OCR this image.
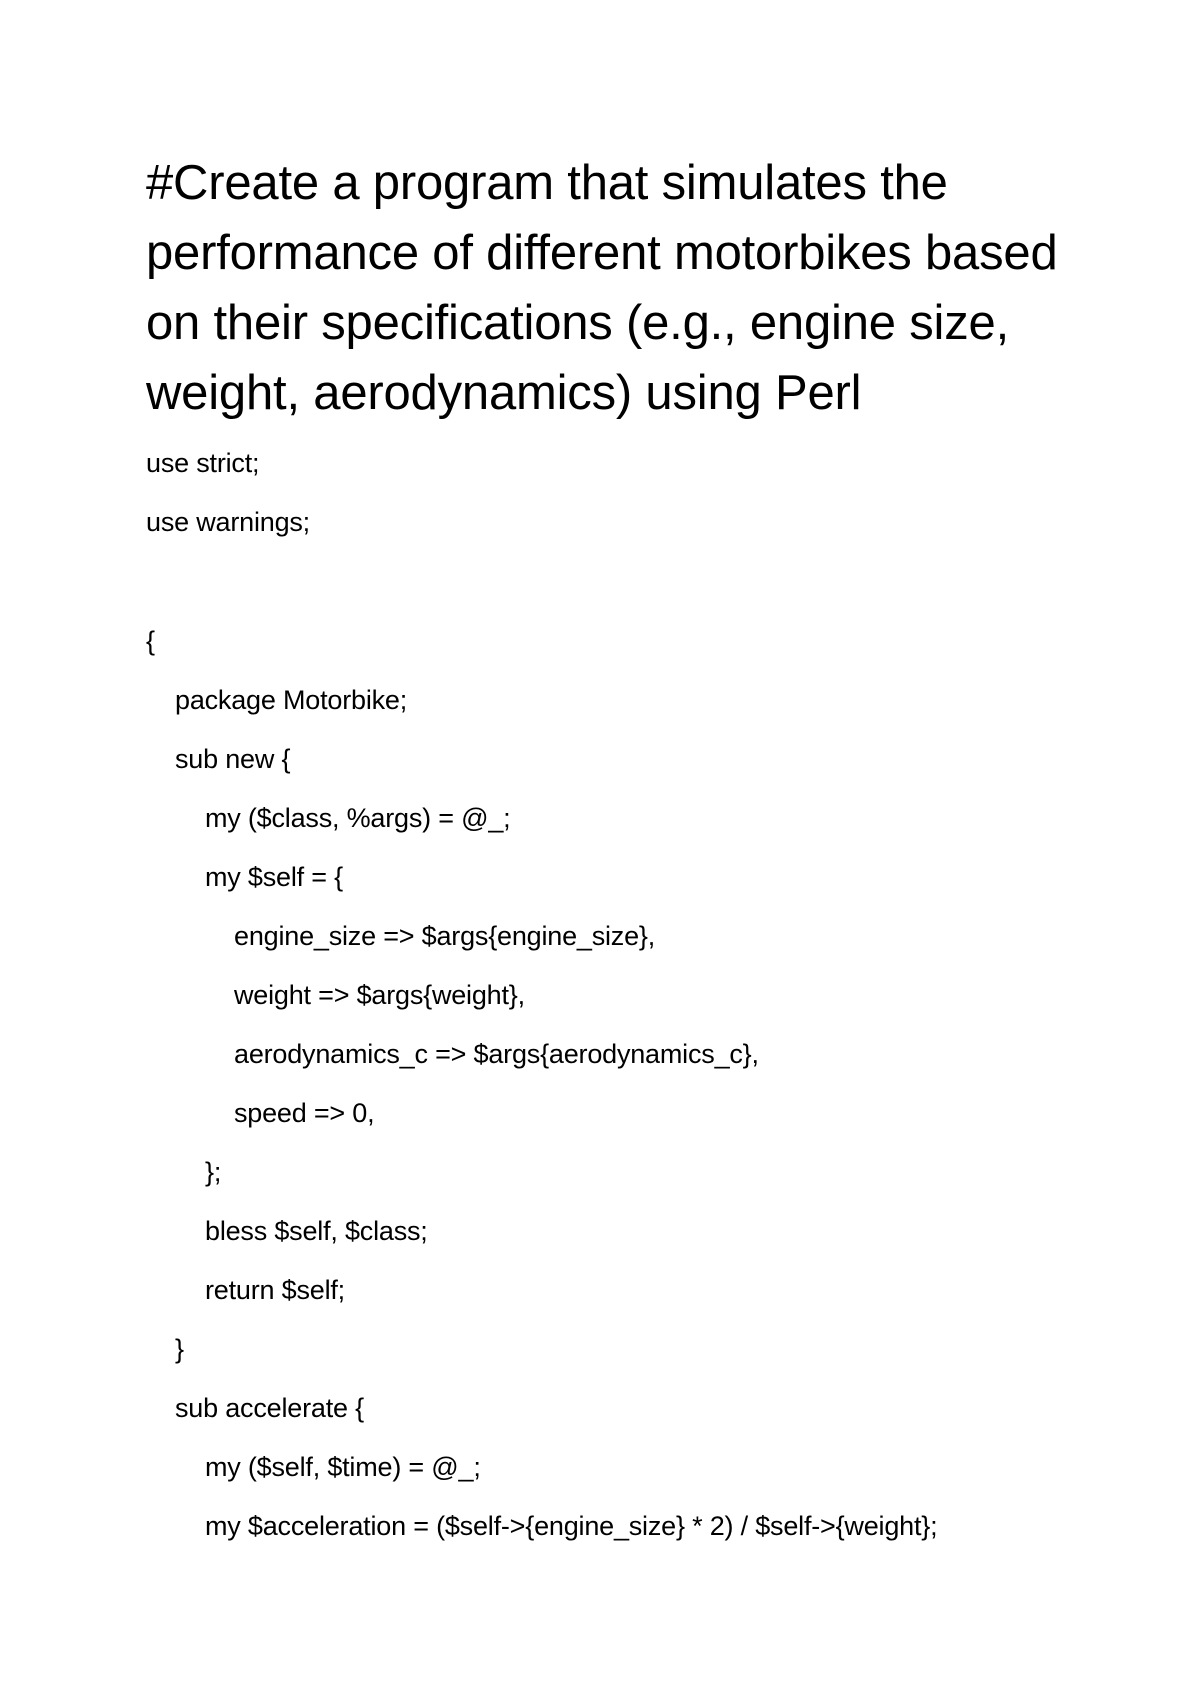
#Create a program that simulates the performance of different motorbikes based on their specifications (e.g., engine size, weight, aerodynamics) using Perl
use strict;
use warnings;
{
package Motorbike;
sub new {
my ($class, %args) = @_;
my $self = {
engine_size => $args{engine_size},
weight => $args{weight},
aerodynamics_c => $args{aerodynamics_c},
speed => 0,
};
bless $self, $class;
return $self;
}
sub accelerate {
my ($self, $time) = @_;
my $acceleration = ($self->{engine_size} * 2) / $self->{weight};
